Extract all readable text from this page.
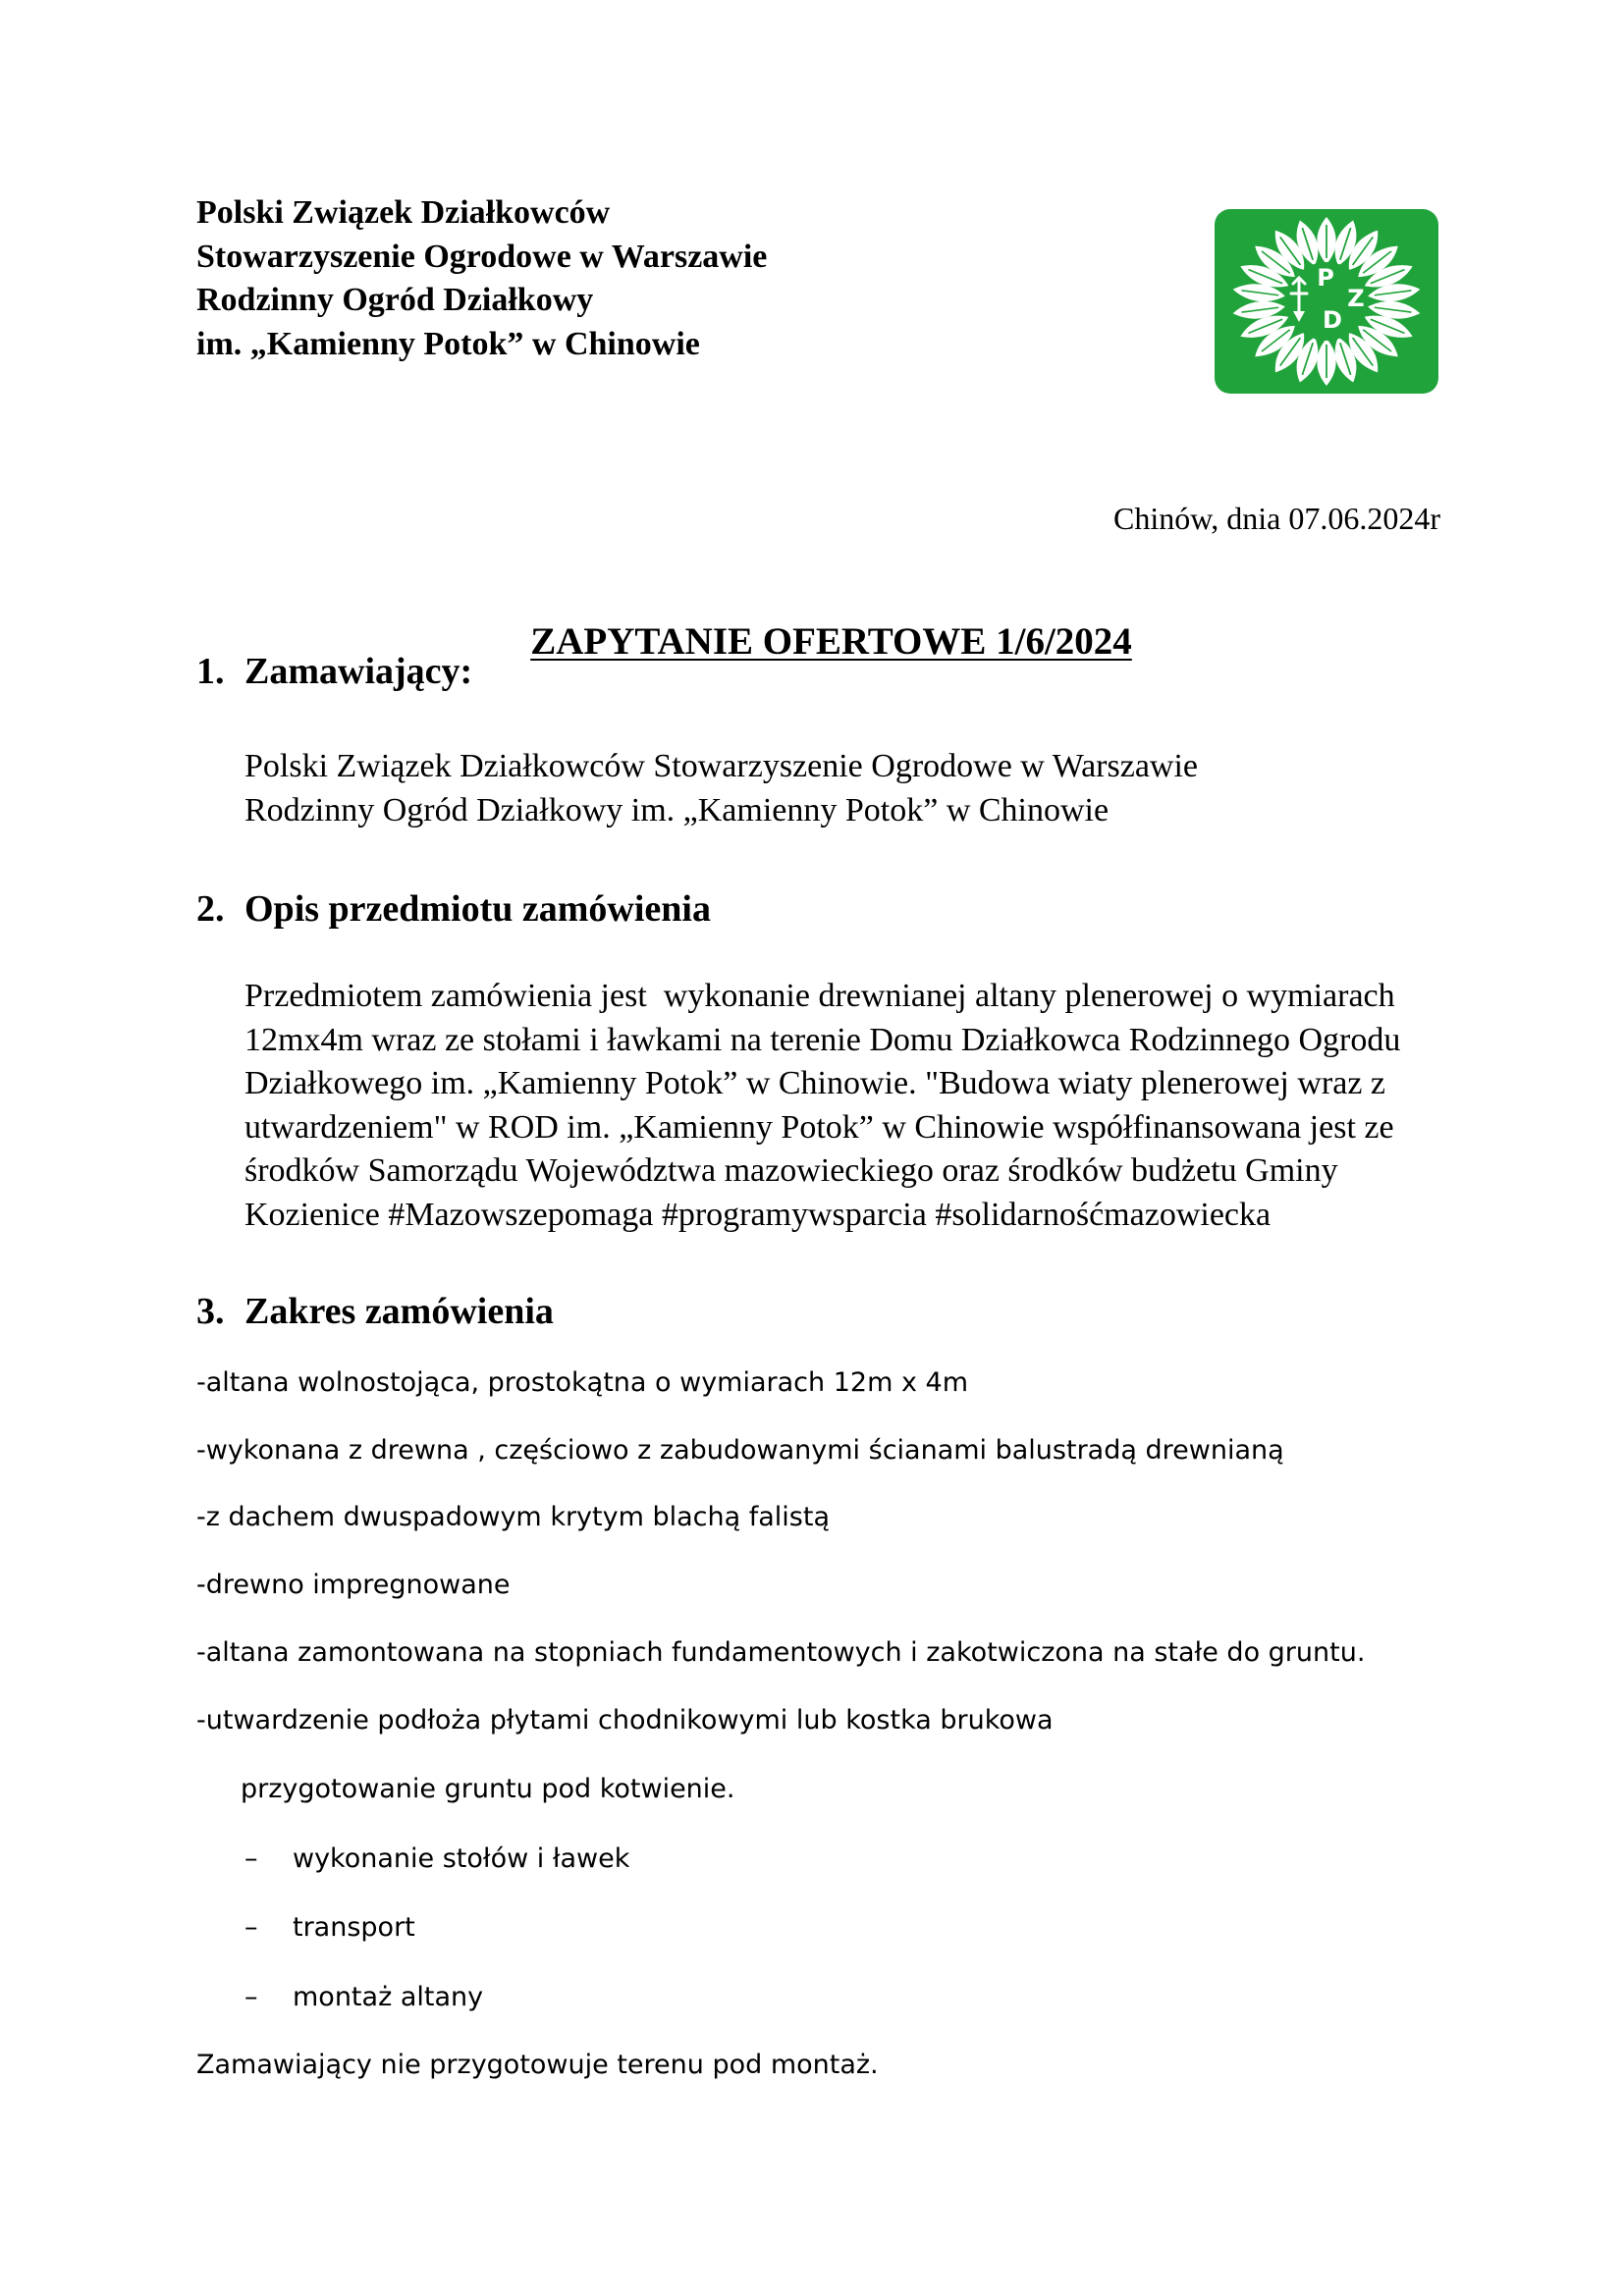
Polski Związek Działkowców
Stowarzyszenie Ogrodowe w Warszawie
Rodzinny Ogród Działkowy
im. „Kamienny Potok” w Chinowie
P
Z
D
Chinów, dnia 07.06.2024r

ZAPYTANIE OFERTOWE 1/6/2024

1. Zamawiający:
Polski Związek Działkowców Stowarzyszenie Ogrodowe w Warszawie
Rodzinny Ogród Działkowy im. „Kamienny Potok” w Chinowie
2. Opis przedmiotu zamówienia
Przedmiotem zamówienia jest  wykonanie drewnianej altany plenerowej o wymiarach
12mx4m wraz ze stołami i ławkami na terenie Domu Działkowca Rodzinnego Ogrodu
Działkowego im. „Kamienny Potok” w Chinowie. "Budowa wiaty plenerowej wraz z
utwardzeniem" w ROD im. „Kamienny Potok” w Chinowie współfinansowana jest ze
środków Samorządu Województwa mazowieckiego oraz środków budżetu Gminy
Kozienice #Mazowszepomaga #programywsparcia #solidarnośćmazowiecka
3. Zakres zamówienia
-altana wolnostojąca, prostokątna o wymiarach 12m x 4m
-wykonana z drewna , częściowo z zabudowanymi ścianami balustradą drewnianą
-z dachem dwuspadowym krytym blachą falistą
-drewno impregnowane
-altana zamontowana na stopniach fundamentowych i zakotwiczona na stałe do gruntu.
-utwardzenie podłoża płytami chodnikowymi lub kostka brukowa
przygotowanie gruntu pod kotwienie.
– wykonanie stołów i ławek
– transport
– montaż altany
Zamawiający nie przygotowuje terenu pod montaż.
